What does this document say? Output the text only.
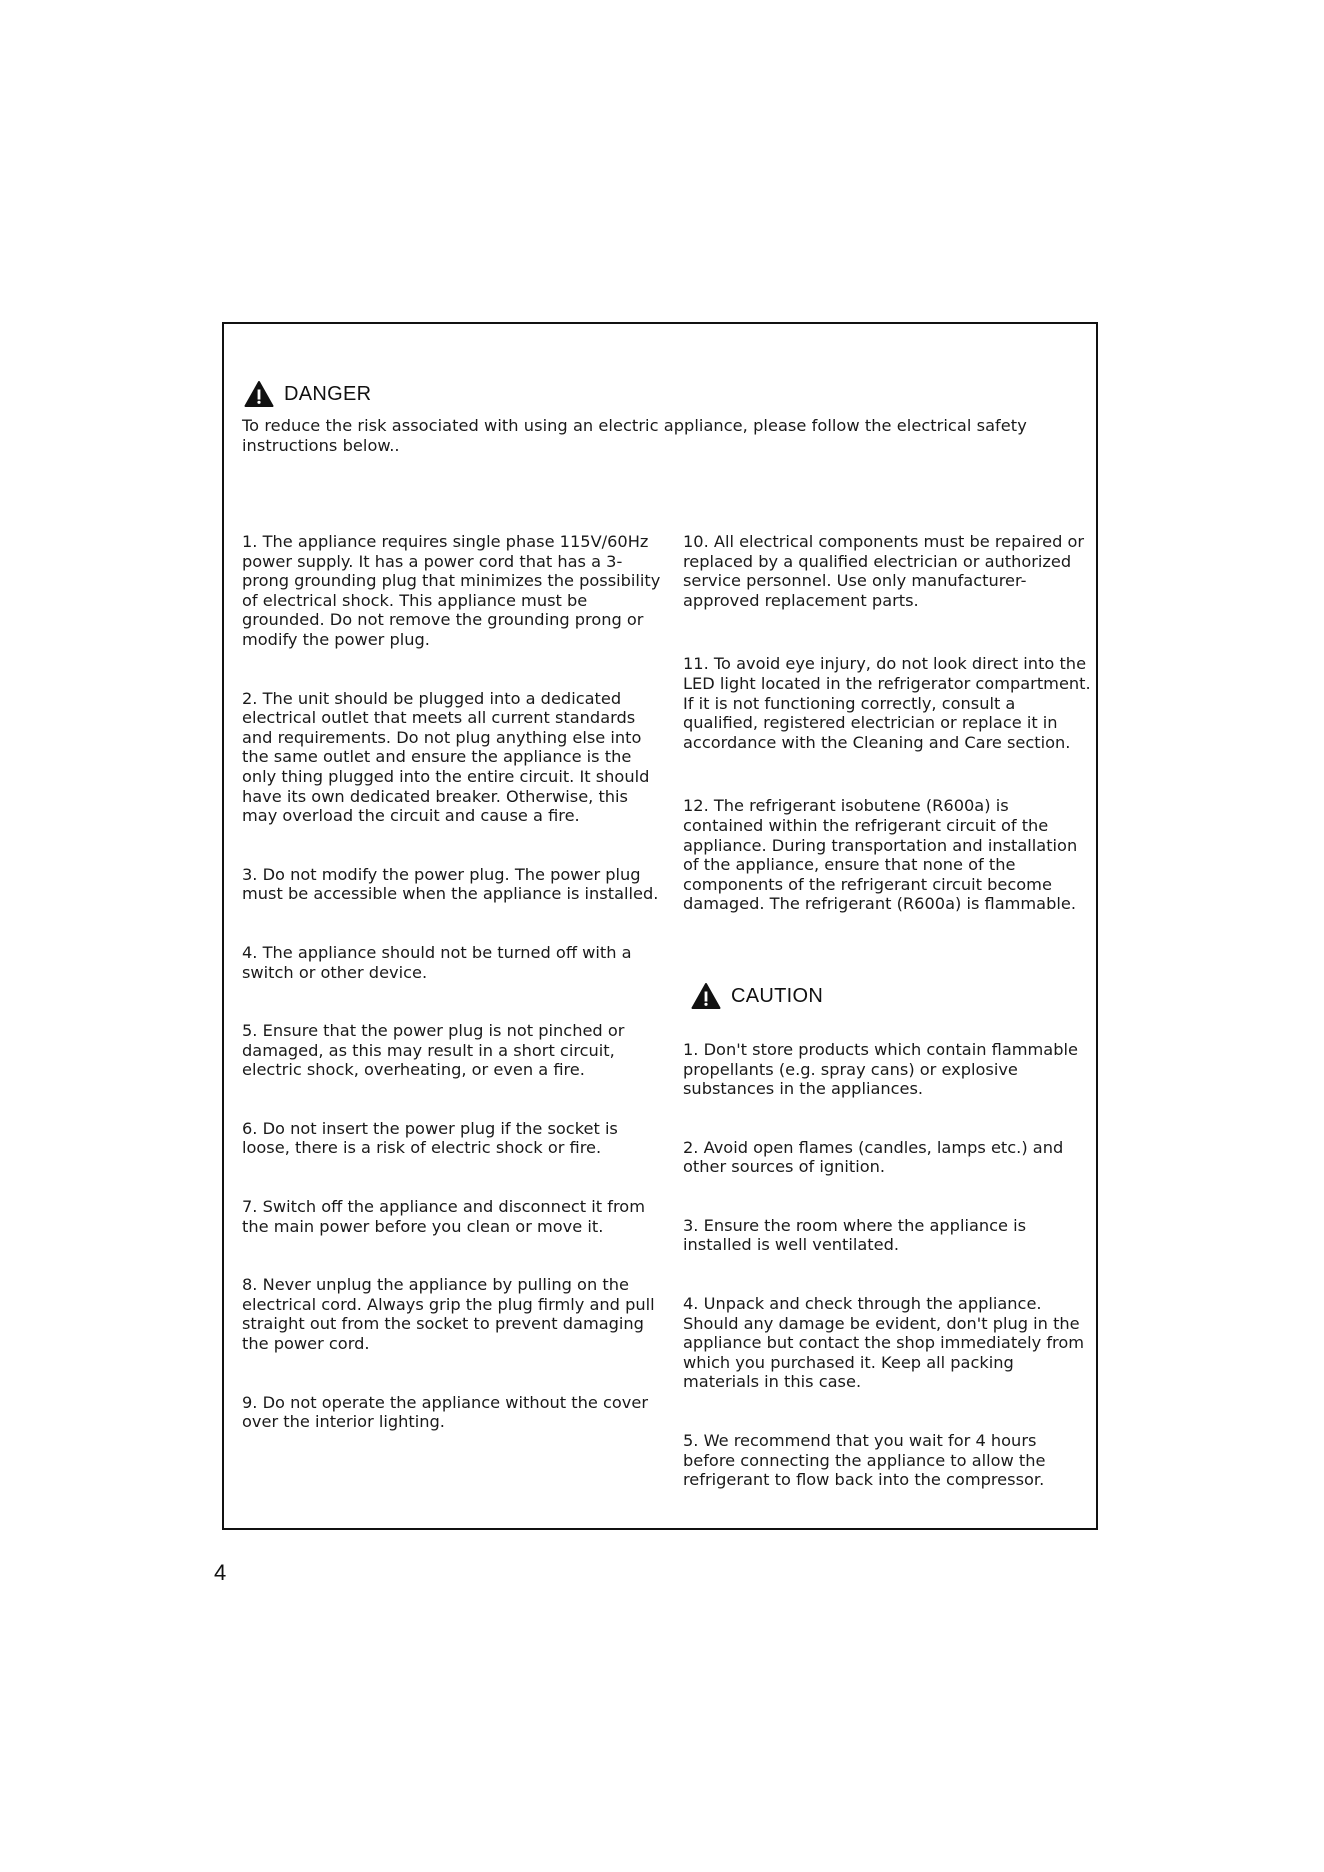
DANGER
To reduce the risk associated with using an electric appliance, please follow the electrical safety instructions below..

1. The appliance requires single phase 115V/60Hz power supply. It has a power cord that has a 3-prong grounding plug that minimizes the possibility of electrical shock. This appliance must be grounded. Do not remove the grounding prong or modify the power plug.

2. The unit should be plugged into a dedicated electrical outlet that meets all current standards and requirements. Do not plug anything else into the same outlet and ensure the appliance is the only thing plugged into the entire circuit. It should have its own dedicated breaker. Otherwise, this may overload the circuit and cause a fire.

3. Do not modify the power plug. The power plug must be accessible when the appliance is installed.

4. The appliance should not be turned off with a switch or other device.

5. Ensure that the power plug is not pinched or damaged, as this may result in a short circuit, electric shock, overheating, or even a fire.

6. Do not insert the power plug if the socket is loose, there is a risk of electric shock or fire.

7. Switch off the appliance and disconnect it from the main power before you clean or move it.

8. Never unplug the appliance by pulling on the electrical cord. Always grip the plug firmly and pull straight out from the socket to prevent damaging the power cord.

9. Do not operate the appliance without the cover over the interior lighting.

10. All electrical components must be repaired or replaced by a qualified electrician or authorized service personnel. Use only manufacturer-approved replacement parts.

11. To avoid eye injury, do not look direct into the LED light located in the refrigerator compartment. If it is not functioning correctly, consult a qualified, registered electrician or replace it in accordance with the Cleaning and Care section.

12. The refrigerant isobutene (R600a) is contained within the refrigerant circuit of the appliance. During transportation and installation of the appliance, ensure that none of the components of the refrigerant circuit become damaged. The refrigerant (R600a) is flammable.

1. Don't store products which contain flammable propellants (e.g. spray cans) or explosive substances in the appliances.

2. Avoid open flames (candles, lamps etc.) and other sources of ignition.

3. Ensure the room where the appliance is installed is well ventilated.

4. Unpack and check through the appliance. Should any damage be evident, don't plug in the appliance but contact the shop immediately from which you purchased it. Keep all packing materials in this case.

5. We recommend that you wait for 4 hours before connecting the appliance to allow the refrigerant to flow back into the compressor.

CAUTION
4
